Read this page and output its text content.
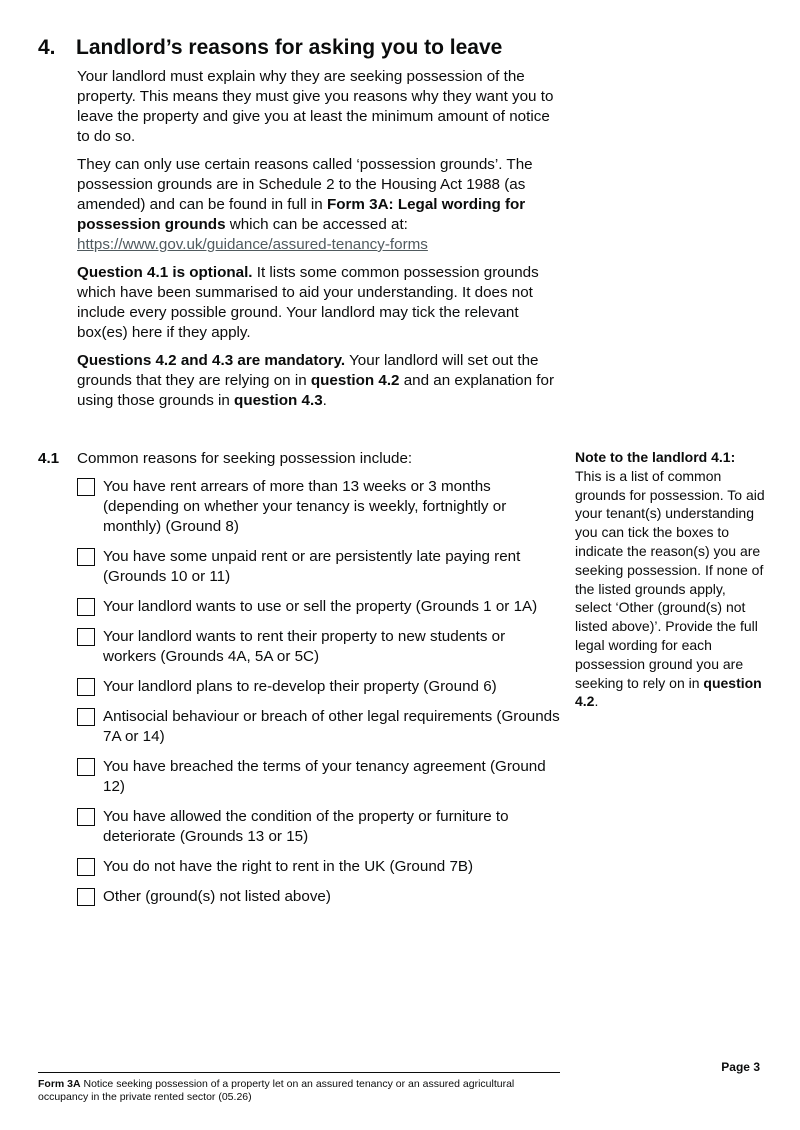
4. Landlord’s reasons for asking you to leave

Your landlord must explain why they are seeking possession of the property. This means they must give you reasons why they want you to leave the property and give you at least the minimum amount of notice to do so.

They can only use certain reasons called ‘possession grounds’. The possession grounds are in Schedule 2 to the Housing Act 1988 (as amended) and can be found in full in Form 3A: Legal wording for possession grounds which can be accessed at: https://www.gov.uk/guidance/assured-tenancy-forms

Question 4.1 is optional. It lists some common possession grounds which have been summarised to aid your understanding. It does not include every possible ground. Your landlord may tick the relevant box(es) here if they apply.

Questions 4.2 and 4.3 are mandatory. Your landlord will set out the grounds that they are relying on in question 4.2 and an explanation for using those grounds in question 4.3.

4.1 Common reasons for seeking possession include:
You have rent arrears of more than 13 weeks or 3 months (depending on whether your tenancy is weekly, fortnightly or monthly) (Ground 8)
You have some unpaid rent or are persistently late paying rent (Grounds 10 or 11)
Your landlord wants to use or sell the property (Grounds 1 or 1A)
Your landlord wants to rent their property to new students or workers (Grounds 4A, 5A or 5C)
Your landlord plans to re-develop their property (Ground 6)
Antisocial behaviour or breach of other legal requirements (Grounds 7A or 14)
You have breached the terms of your tenancy agreement (Ground 12)
You have allowed the condition of the property or furniture to deteriorate (Grounds 13 or 15)
You do not have the right to rent in the UK (Ground 7B)
Other (ground(s) not listed above)
Note to the landlord 4.1:
This is a list of common grounds for possession. To aid your tenant(s) understanding you can tick the boxes to indicate the reason(s) you are seeking possession. If none of the listed grounds apply, select ‘Other (ground(s) not listed above)’. Provide the full legal wording for each possession ground you are seeking to rely on in question 4.2.
Form 3A Notice seeking possession of a property let on an assured tenancy or an assured agricultural occupancy in the private rented sector (05.26)
Page 3
